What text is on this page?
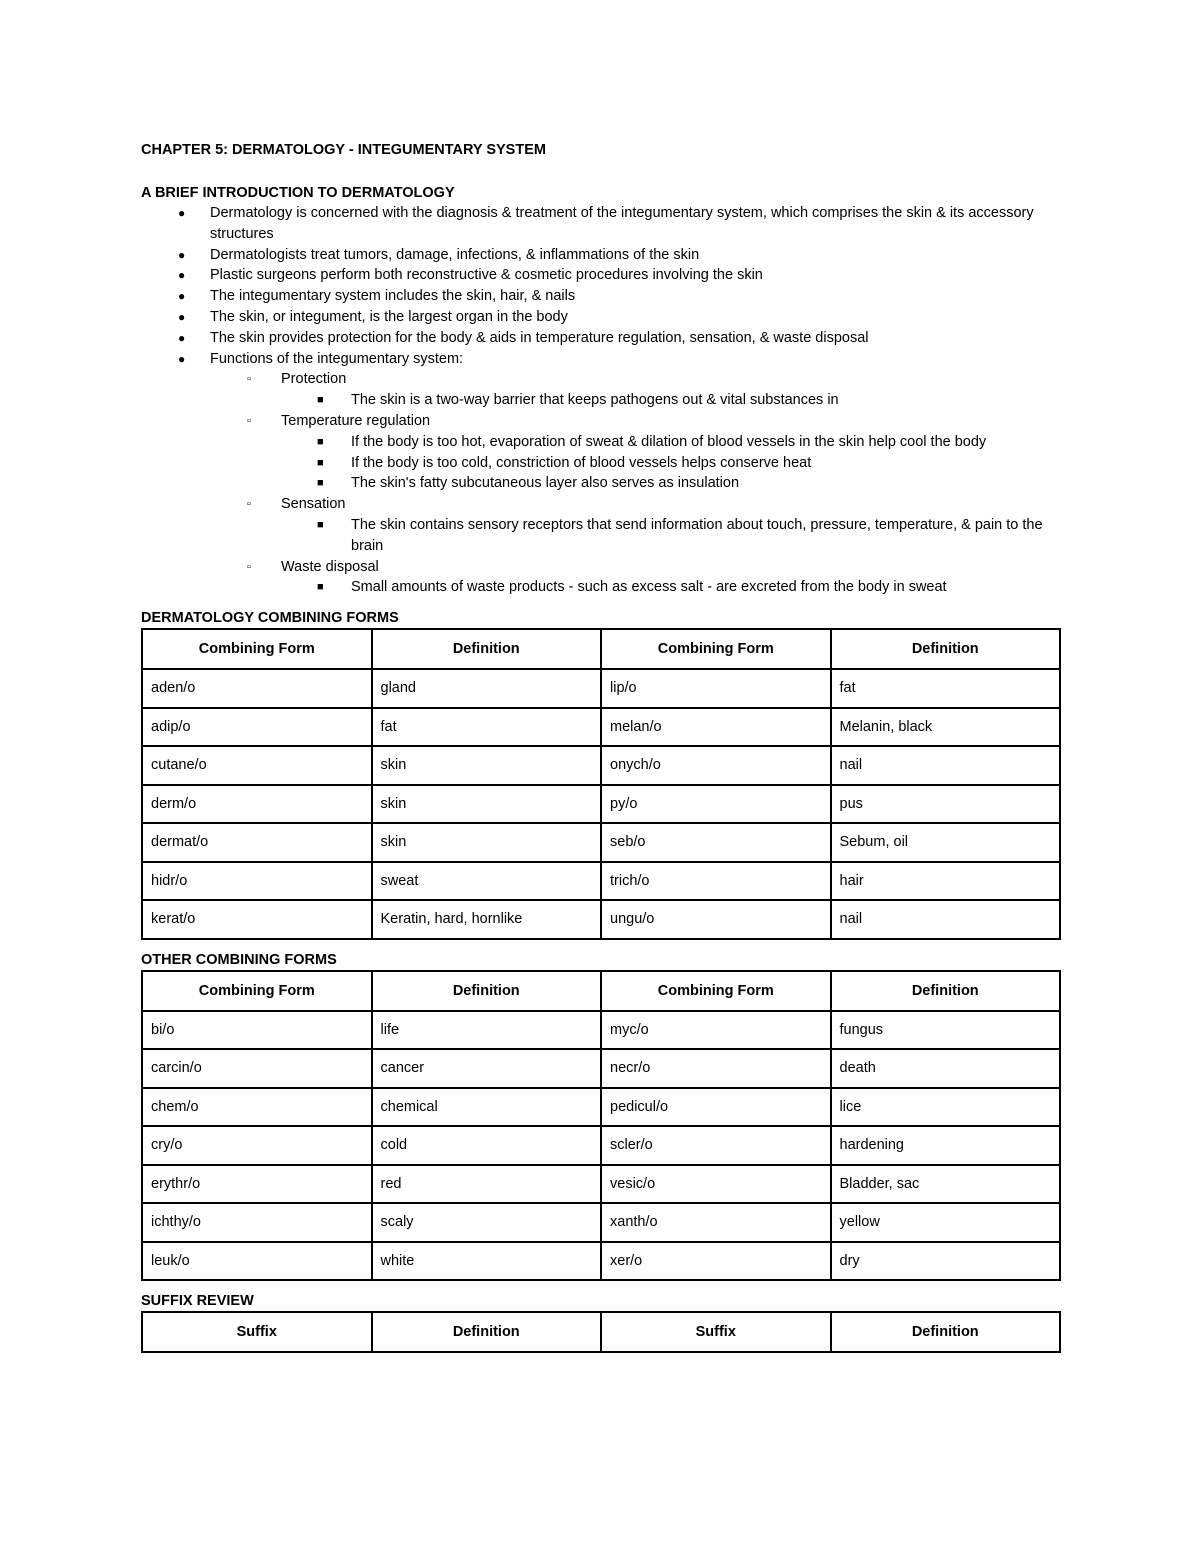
CHAPTER 5: DERMATOLOGY - INTEGUMENTARY SYSTEM

A BRIEF INTRODUCTION TO DERMATOLOGY

● Dermatology is concerned with the diagnosis & treatment of the integumentary system, which comprises the skin & its accessory structures
● Dermatologists treat tumors, damage, infections, & inflammations of the skin
● Plastic surgeons perform both reconstructive & cosmetic procedures involving the skin
● The integumentary system includes the skin, hair, & nails
● The skin, or integument, is the largest organ in the body
● The skin provides protection for the body & aids in temperature regulation, sensation, & waste disposal
● Functions of the integumentary system:
▫ Protection
■ The skin is a two-way barrier that keeps pathogens out & vital substances in
▫ Temperature regulation
■ If the body is too hot, evaporation of sweat & dilation of blood vessels in the skin help cool the body
■ If the body is too cold, constriction of blood vessels helps conserve heat
■ The skin's fatty subcutaneous layer also serves as insulation
▫ Sensation
■ The skin contains sensory receptors that send information about touch, pressure, temperature, & pain to the brain
▫ Waste disposal
■ Small amounts of waste products - such as excess salt - are excreted from the body in sweat

DERMATOLOGY COMBINING FORMS

Combining Form	Definition	Combining Form	Definition
aden/o	gland	lip/o	fat
adip/o	fat	melan/o	Melanin, black
cutane/o	skin	onych/o	nail
derm/o	skin	py/o	pus
dermat/o	skin	seb/o	Sebum, oil
hidr/o	sweat	trich/o	hair
kerat/o	Keratin, hard, hornlike	ungu/o	nail

OTHER COMBINING FORMS

Combining Form	Definition	Combining Form	Definition
bi/o	life	myc/o	fungus
carcin/o	cancer	necr/o	death
chem/o	chemical	pedicul/o	lice
cry/o	cold	scler/o	hardening
erythr/o	red	vesic/o	Bladder, sac
ichthy/o	scaly	xanth/o	yellow
leuk/o	white	xer/o	dry

SUFFIX REVIEW

Suffix	Definition	Suffix	Definition
